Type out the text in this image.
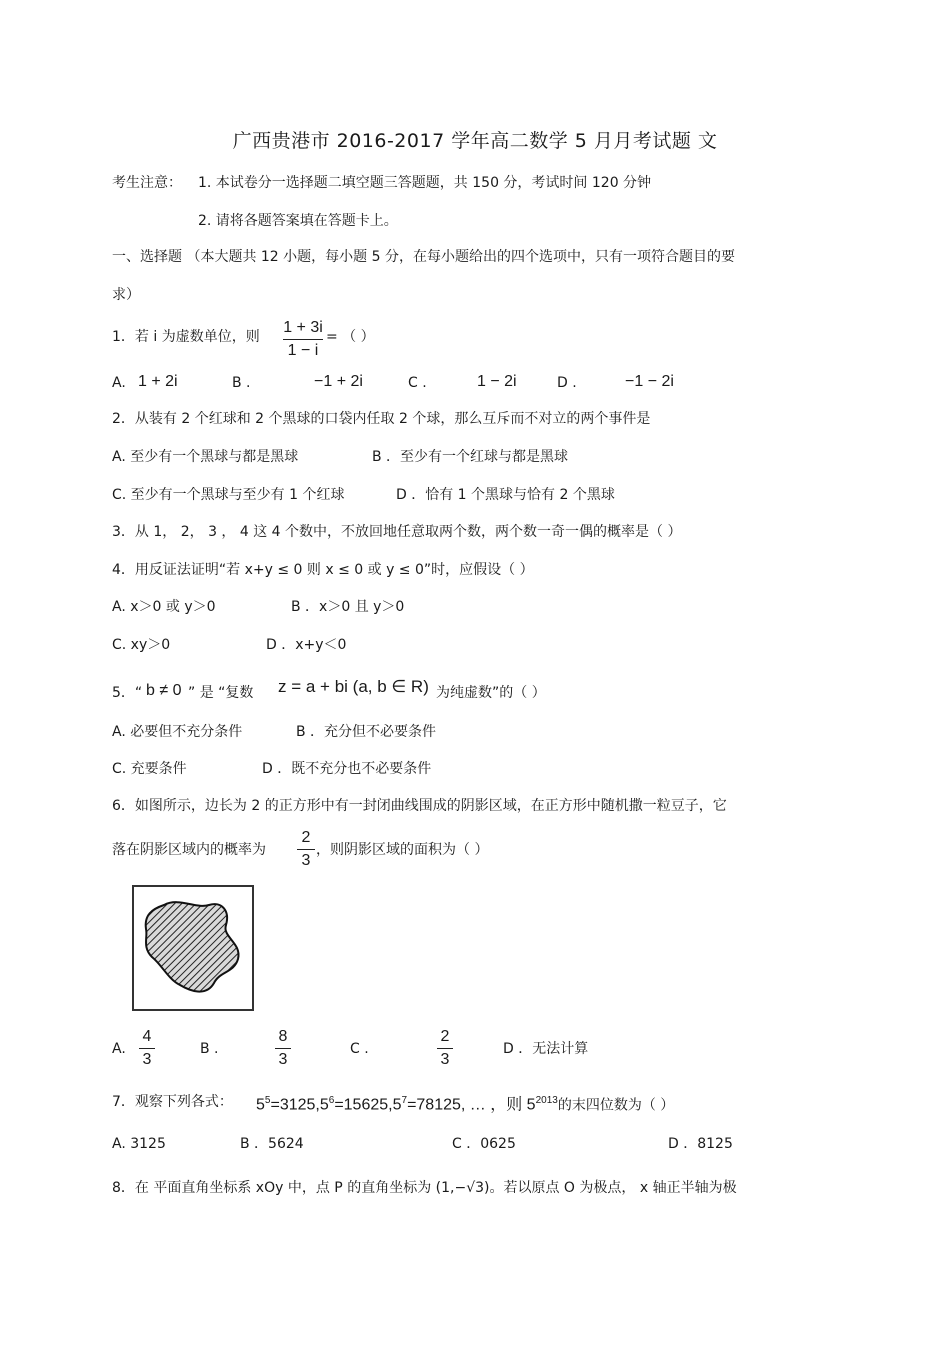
广西贵港市 2016-2017 学年高二数学 5 月月考试题 文
考生注意： 1. 本试卷分一选择题二填空题三答题题，共 150 分，考试时间 120 分钟
2. 请将各题答案填在答题卡上。
一、选择题 （本大题共 12 小题，每小题 5 分，在每小题给出的四个选项中，只有一项符合题目的要
求）
1．若 i 为虚数单位，则
1 + 3i
1 − i
= （ ）
A. 1 + 2i	B .	−1 + 2i	C .	1 − 2i	D .	−1 − 2i
2．从装有 2 个红球和 2 个黑球的口袋内任取 2 个球，那么互斥而不对立的两个事件是
A. 至少有一个黑球与都是黑球	B ．至少有一个红球与都是黑球
C. 至少有一个黑球与至少有 1 个红球	D ．恰有 1 个黑球与恰有 2 个黑球
3．从 1， 2， 3 ， 4 这 4 个数中，不放回地任意取两个数，两个数一奇一偶的概率是（ ）
4．用反证法证明“若 x+y ≤ 0 则 x ≤ 0 或 y ≤ 0”时，应假设（ ）
A. x＞0 或 y＞0	B ．x＞0 且 y＞0
C. xy＞0	D ．x+y＜0
5．“ b ≠ 0 ” 是 “复数 z = a + bi (a, b ∈ R) 为纯虚数”的（ ）
A. 必要但不充分条件	B ．充分但不必要条件
C. 充要条件	D ．既不充分也不必要条件
6．如图所示，边长为 2 的正方形中有一封闭曲线围成的阴影区域，在正方形中随机撒一粒豆子，它
落在阴影区域内的概率为
2
3
，则阴影区域的面积为（ ）
A.
4
3
B .
8
3
C .
2
3
D ．无法计算
7．观察下列各式： $5^5=3125,5^6=15625,5^7=78125$, … ，则 $5^{2013}$的末四位数为（ ）
A. 3125	B ．5624	C ．0625	D ．8125
8．在 平面直角坐标系 xOy 中，点 P 的直角坐标为 (1,−√3)。若以原点 O 为极点， x 轴正半轴为极
